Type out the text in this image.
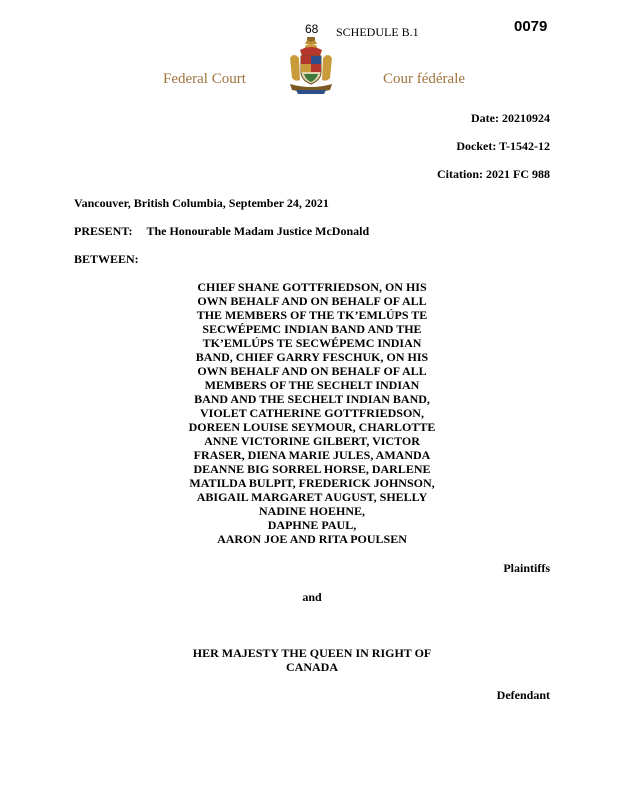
68 SCHEDULE B.1	0079
Federal Court	Cour fédérale
Date: 20210924
Docket: T-1542-12
Citation: 2021 FC 988
Vancouver, British Columbia, September 24, 2021
PRESENT: The Honourable Madam Justice McDonald
BETWEEN:
CHIEF SHANE GOTTFRIEDSON, ON HIS
OWN BEHALF AND ON BEHALF OF ALL
THE MEMBERS OF THE TK’EMLÚPS TE
SECWÉPEMC INDIAN BAND AND THE
TK’EMLÚPS TE SECWÉPEMC INDIAN
BAND, CHIEF GARRY FESCHUK, ON HIS
OWN BEHALF AND ON BEHALF OF ALL
MEMBERS OF THE SECHELT INDIAN
BAND AND THE SECHELT INDIAN BAND,
VIOLET CATHERINE GOTTFRIEDSON,
DOREEN LOUISE SEYMOUR, CHARLOTTE
ANNE VICTORINE GILBERT, VICTOR
FRASER, DIENA MARIE JULES, AMANDA
DEANNE BIG SORREL HORSE, DARLENE
MATILDA BULPIT, FREDERICK JOHNSON,
ABIGAIL MARGARET AUGUST, SHELLY
NADINE HOEHNE,
DAPHNE PAUL,
AARON JOE AND RITA POULSEN
Plaintiffs
and
HER MAJESTY THE QUEEN IN RIGHT OF
CANADA
Defendant
